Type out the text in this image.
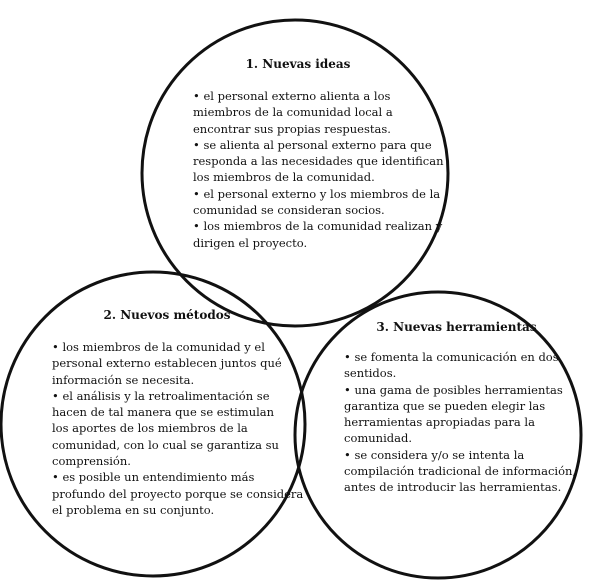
1. Nuevas ideas
• el personal externo alienta a los
miembros de la comunidad local a
encontrar sus propias respuestas.
• se alienta al personal externo para que
responda a las necesidades que identifican
los miembros de la comunidad.
• el personal externo y los miembros de la
comunidad se consideran socios.
• los miembros de la comunidad realizan y
dirigen el proyecto.
2. Nuevos métodos
• los miembros de la comunidad y el
personal externo establecen juntos qué
información se necesita.
• el análisis y la retroalimentación se
hacen de tal manera que se estimulan
los aportes de los miembros de la
comunidad, con lo cual se garantiza su
comprensión.
• es posible un entendimiento más
profundo del proyecto porque se considera
el problema en su conjunto.
3. Nuevas herramientas
• se fomenta la comunicación en dos
sentidos.
• una gama de posibles herramientas
garantiza que se pueden elegir las
herramientas apropiadas para la
comunidad.
• se considera y/o se intenta la
compilación tradicional de información,
antes de introducir las herramientas.
